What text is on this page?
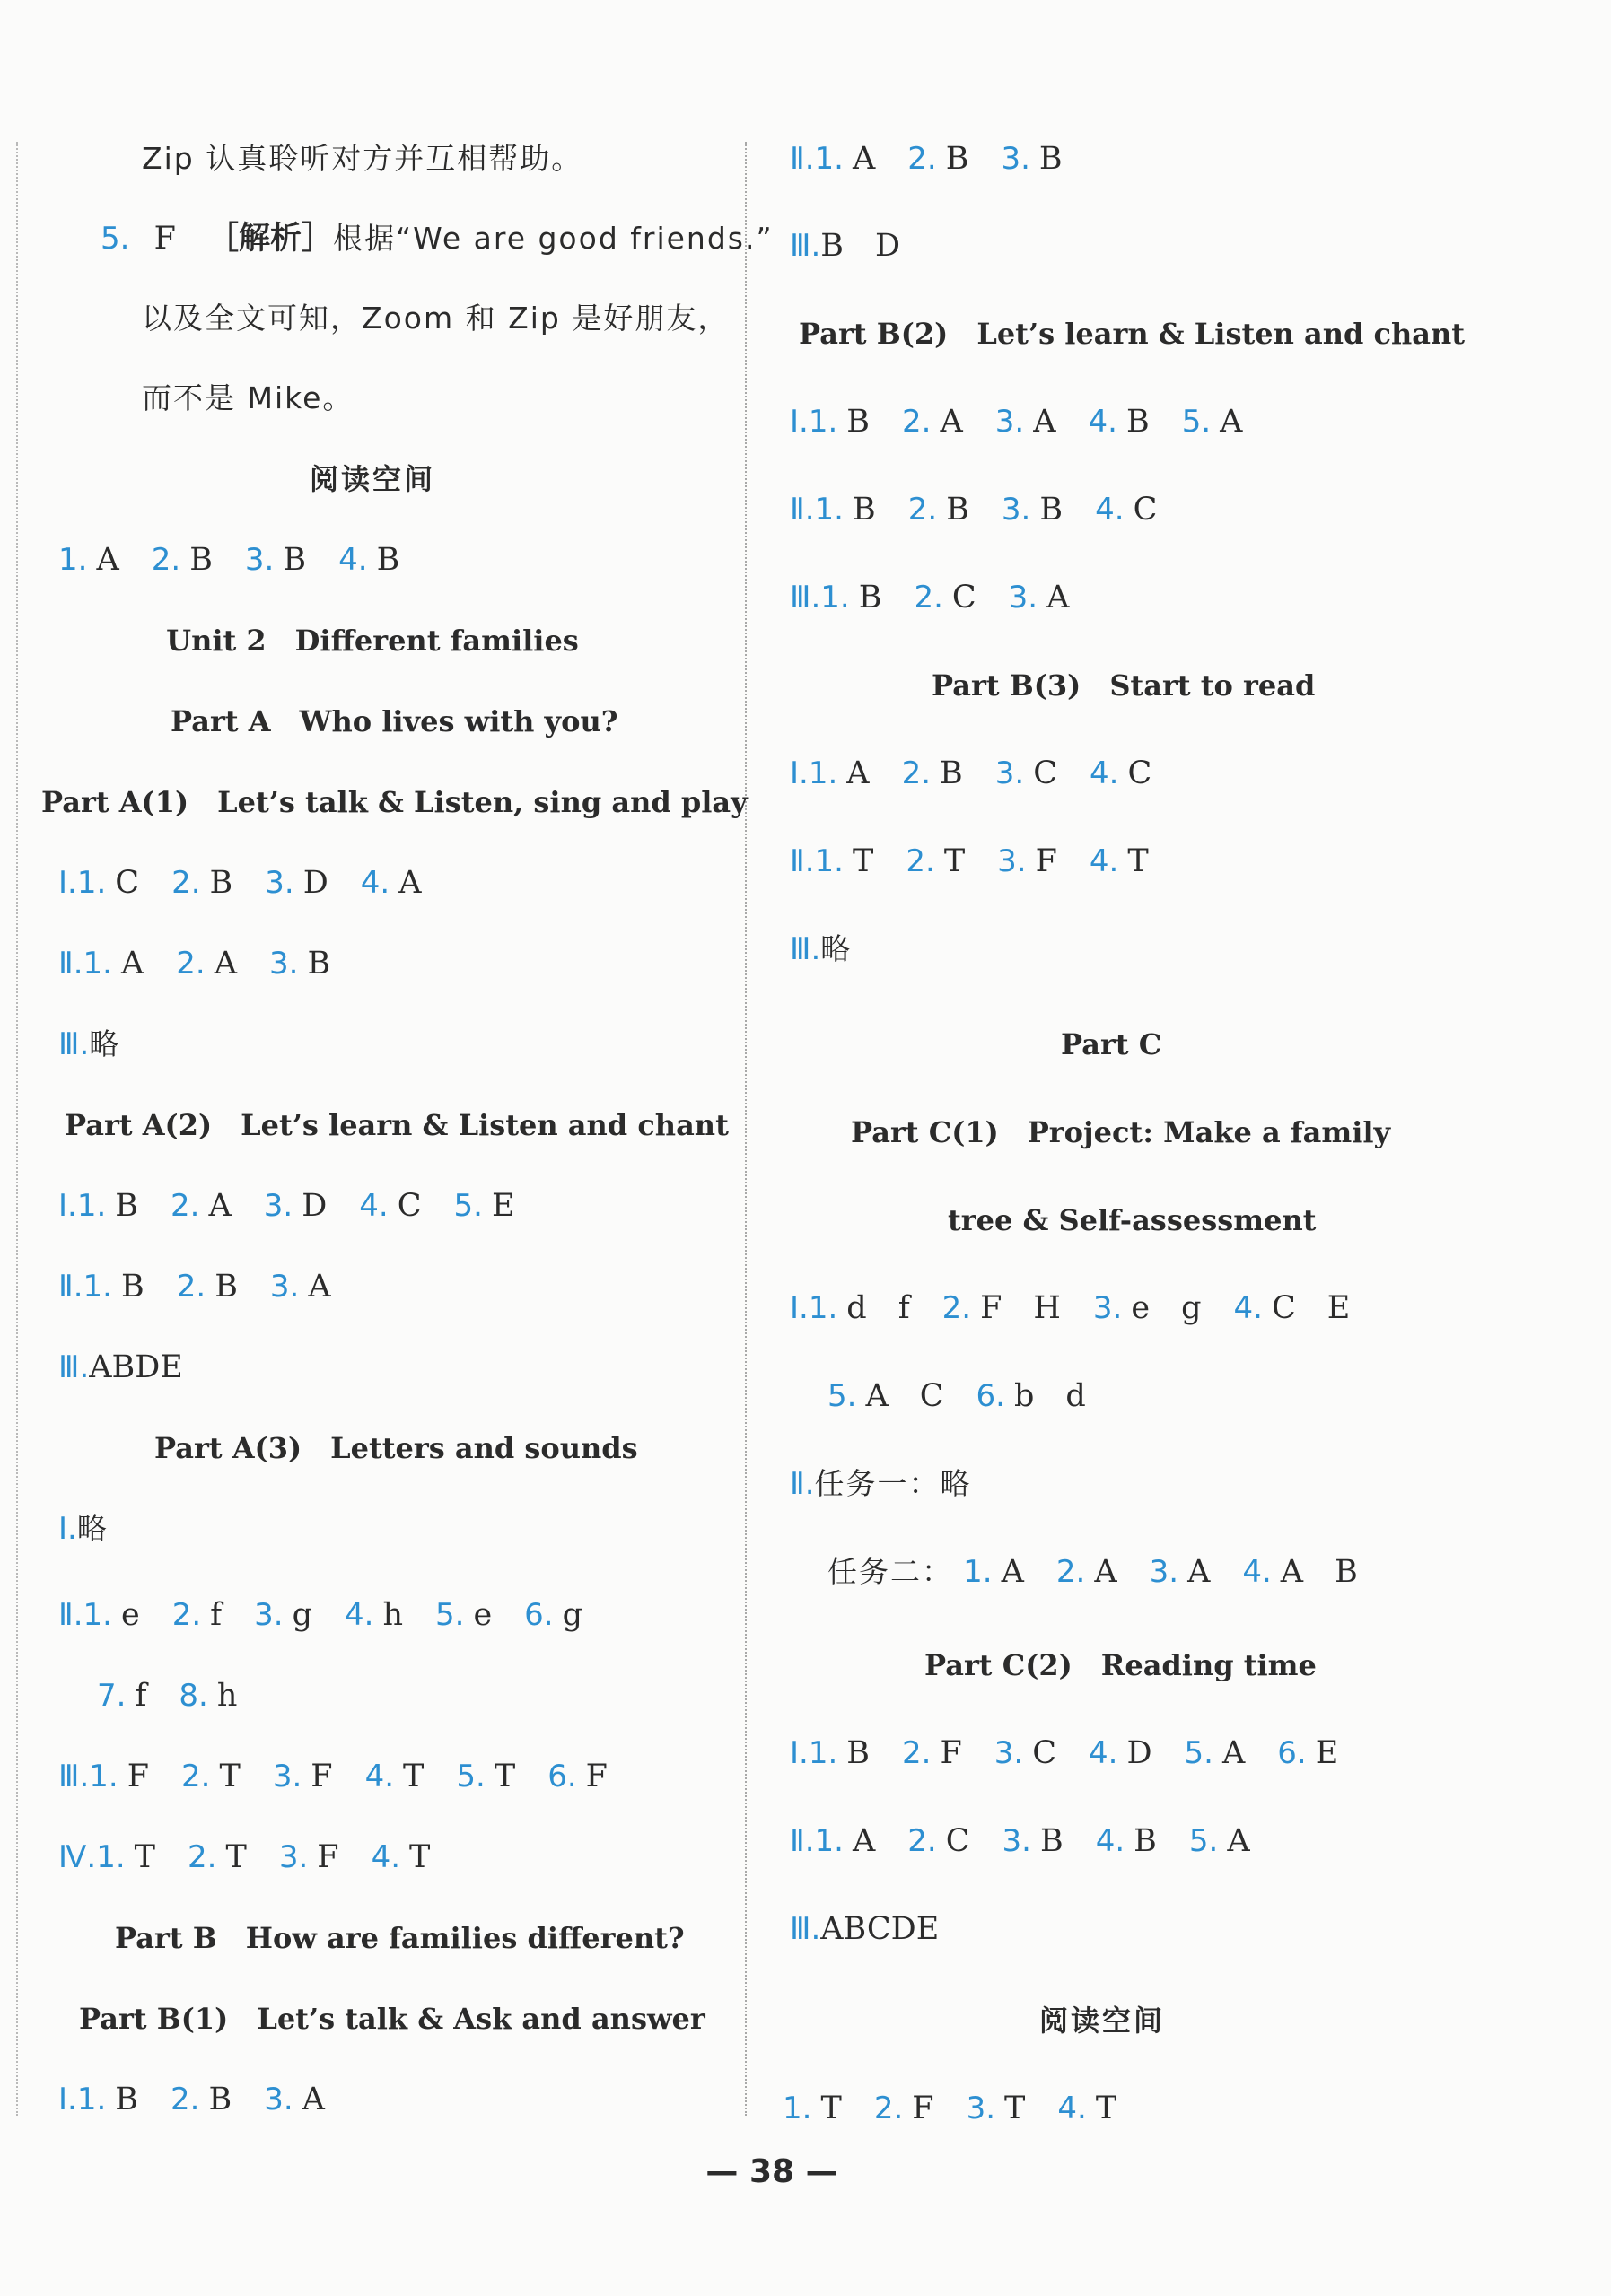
Zip 认真聆听对方并互相帮助。
5. F ［解析］根据“We are good friends.”
以及全文可知，Zoom 和 Zip 是好朋友，
而不是 Mike。
阅读空间
1. A 2. B 3. B 4. B
Unit 2　Different families
Part A　Who lives with you?
Part A(1)　Let’s talk & Listen, sing and play
Ⅰ.1. C 2. B 3. D 4. A
Ⅱ.1. A 2. A 3. B
Ⅲ.略
Part A(2)　Let’s learn & Listen and chant
Ⅰ.1. B 2. A 3. D 4. C 5. E
Ⅱ.1. B 2. B 3. A
Ⅲ.ABDE
Part A(3)　Letters and sounds
Ⅰ.略
Ⅱ.1. e 2. f 3. g 4. h 5. e 6. g
7. f 8. h
Ⅲ.1. F 2. T 3. F 4. T 5. T 6. F
Ⅳ.1. T 2. T 3. F 4. T
Part B　How are families different?
Part B(1)　Let’s talk & Ask and answer
Ⅰ.1. B 2. B 3. A
Ⅱ.1. A 2. B 3. B
Ⅲ.B　D
Part B(2)　Let’s learn & Listen and chant
Ⅰ.1. B 2. A 3. A 4. B 5. A
Ⅱ.1. B 2. B 3. B 4. C
Ⅲ.1. B 2. C 3. A
Part B(3)　Start to read
Ⅰ.1. A 2. B 3. C 4. C
Ⅱ.1. T 2. T 3. F 4. T
Ⅲ.略
Part C
Part C(1)　Project: Make a family
tree & Self-assessment
Ⅰ.1. d　f 2. F　H 3. e　g 4. C　E
5. A　C 6. b　d
Ⅱ.任务一：略
任务二： 1. A 2. A 3. A 4. A　B
Part C(2)　Reading time
Ⅰ.1. B 2. F 3. C 4. D 5. A 6. E
Ⅱ.1. A 2. C 3. B 4. B 5. A
Ⅲ.ABCDE
阅读空间
1. T 2. F 3. T 4. T
— 38 —
